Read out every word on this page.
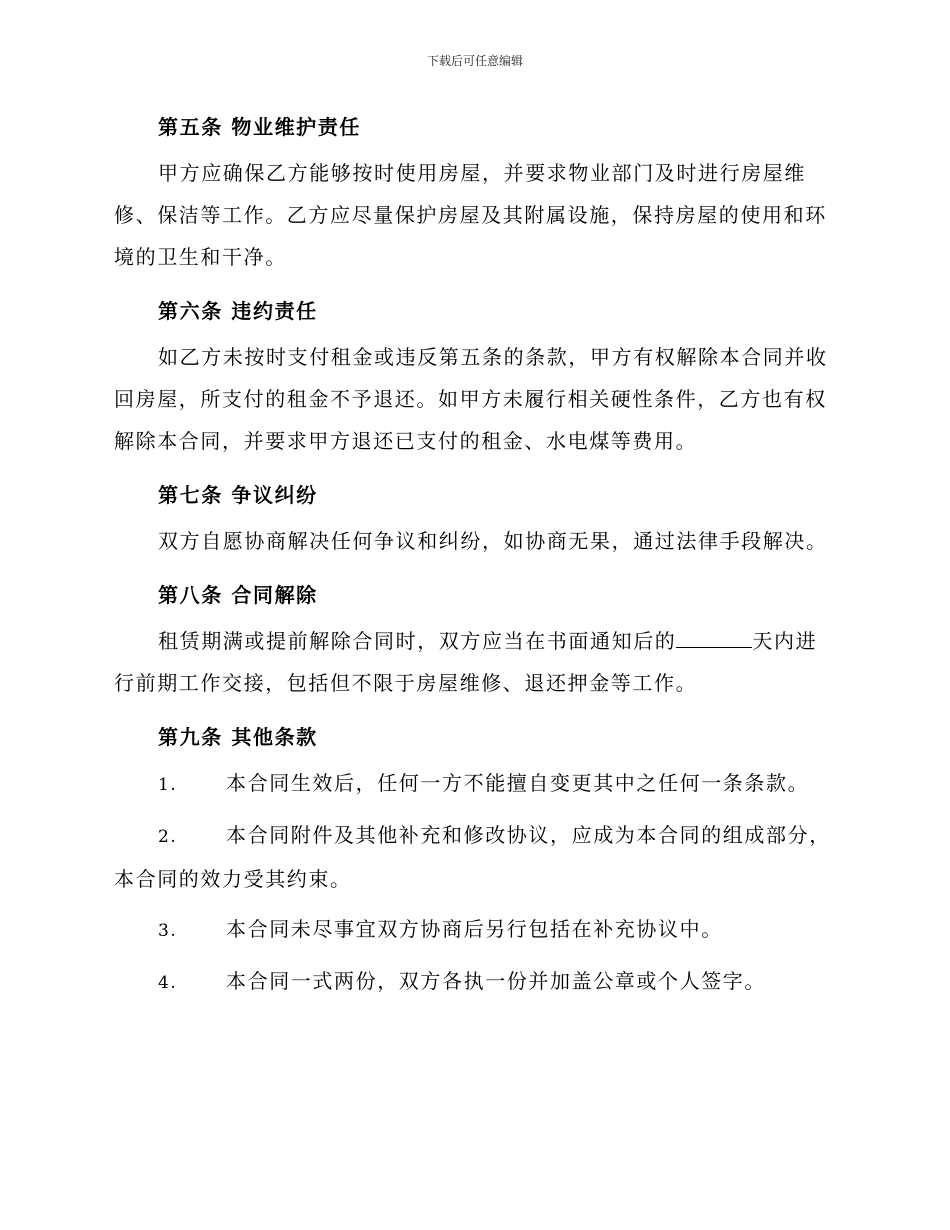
下载后可任意编辑
第五条 物业维护责任

甲方应确保乙方能够按时使用房屋，并要求物业部门及时进行房屋维修、保洁等工作。乙方应尽量保护房屋及其附属设施，保持房屋的使用和环境的卫生和干净。

第六条 违约责任

如乙方未按时支付租金或违反第五条的条款，甲方有权解除本合同并收回房屋，所支付的租金不予退还。如甲方未履行相关硬性条件，乙方也有权解除本合同，并要求甲方退还已支付的租金、水电煤等费用。

第七条 争议纠纷

双方自愿协商解决任何争议和纠纷，如协商无果，通过法律手段解决。

第八条 合同解除

租赁期满或提前解除合同时，双方应当在书面通知后的	天内进行前期工作交接，包括但不限于房屋维修、退还押金等工作。

第九条 其他条款

1. 本合同生效后，任何一方不能擅自变更其中之任何一条条款。

2. 本合同附件及其他补充和修改协议，应成为本合同的组成部分，本合同的效力受其约束。

3. 本合同未尽事宜双方协商后另行包括在补充协议中。

4. 本合同一式两份，双方各执一份并加盖公章或个人签字。
